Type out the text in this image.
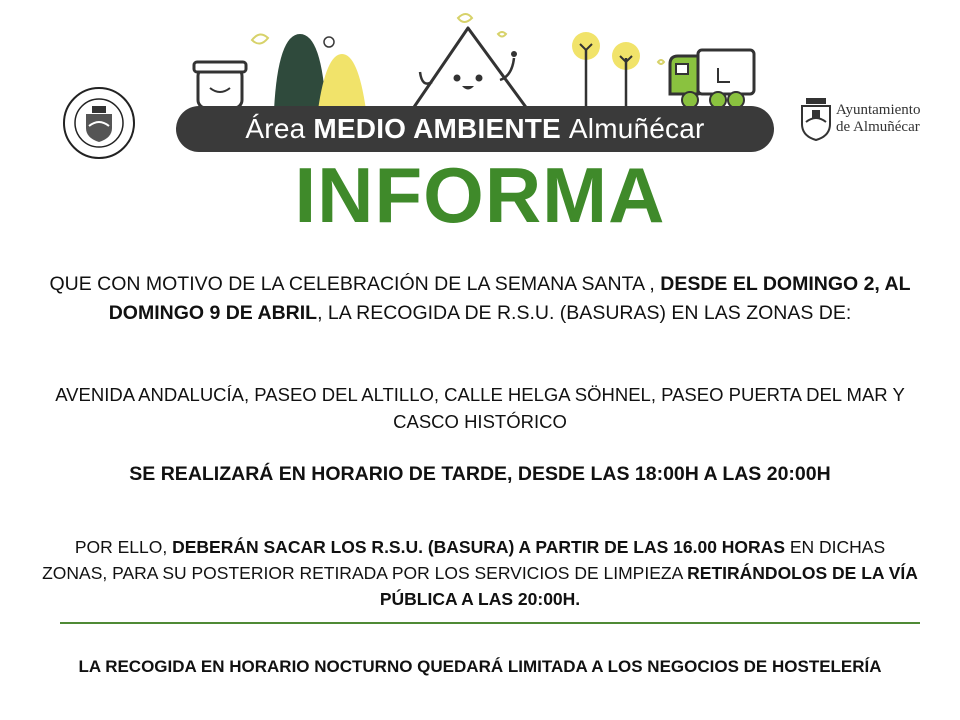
Área MEDIO AMBIENTE Almuñécar
Ayuntamiento
de Almuñécar
INFORMA
QUE CON MOTIVO DE LA CELEBRACIÓN DE LA SEMANA SANTA , DESDE EL DOMINGO 2, AL DOMINGO 9 DE ABRIL, LA RECOGIDA DE R.S.U. (BASURAS) EN LAS ZONAS DE:
AVENIDA ANDALUCÍA, PASEO DEL ALTILLO, CALLE HELGA SÖHNEL, PASEO PUERTA DEL MAR Y CASCO HISTÓRICO
SE REALIZARÁ EN HORARIO DE TARDE, DESDE LAS 18:00H A LAS 20:00H
POR ELLO, DEBERÁN SACAR LOS R.S.U. (BASURA) A PARTIR DE LAS 16.00 HORAS EN DICHAS ZONAS, PARA SU POSTERIOR RETIRADA POR LOS SERVICIOS DE LIMPIEZA RETIRÁNDOLOS DE LA VÍA PÚBLICA A LAS 20:00H.
LA RECOGIDA EN HORARIO NOCTURNO QUEDARÁ LIMITADA A LOS NEGOCIOS DE HOSTELERÍA
